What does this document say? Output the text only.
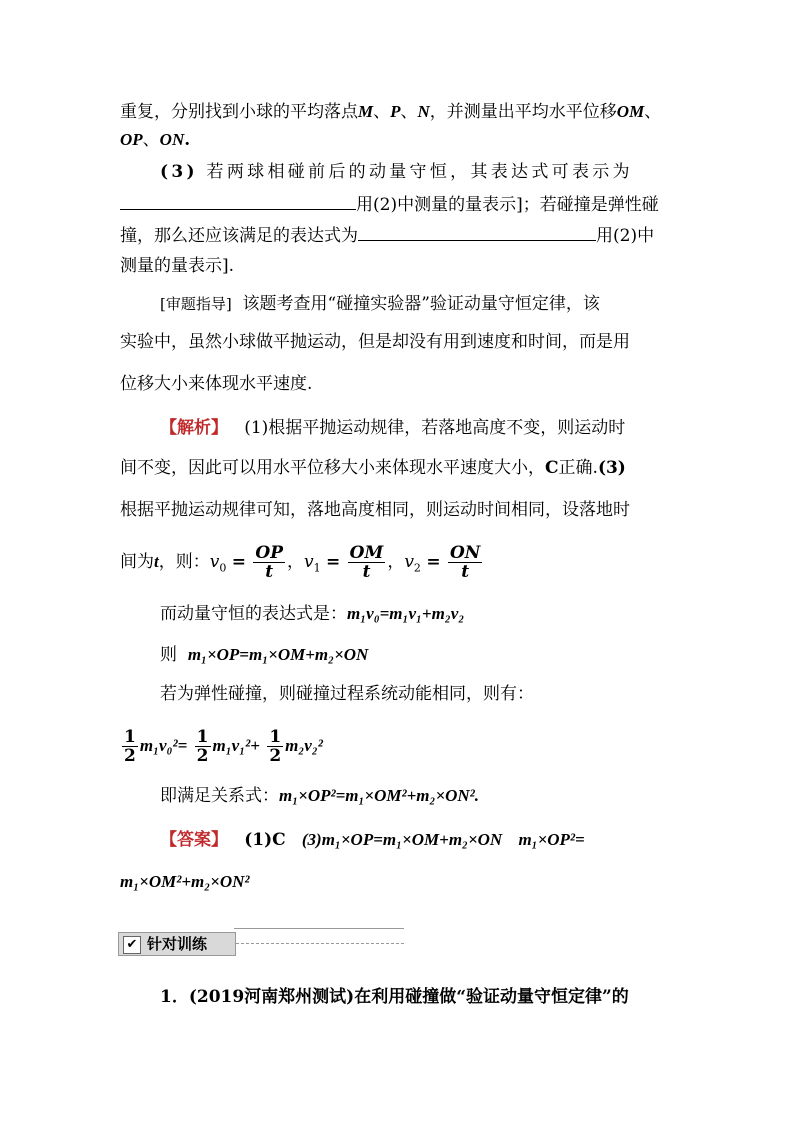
重复，分别找到小球的平均落点M、P、N，并测量出平均水平位移OM、
OP、ON.
(3) 若两球相碰前后的动量守恒，其表达式可表示为
用(2)中测量的量表示]；若碰撞是弹性碰
撞，那么还应该满足的表达式为	用(2)中
测量的量表示].
[审题指导] 该题考查用“碰撞实验器”验证动量守恒定律，该
实验中，虽然小球做平抛运动，但是却没有用到速度和时间，而是用
位移大小来体现水平速度.
【解析】 (1)根据平抛运动规律，若落地高度不变，则运动时
间不变，因此可以用水平位移大小来体现水平速度大小，C正确.(3)
根据平抛运动规律可知，落地高度相同，则运动时间相同，设落地时
间为t，则：$v_0 = \frac{OP}{t}$ ，$v_1 = \frac{OM}{t}$ ，$v_2 = \frac{ON}{t}$
而动量守恒的表达式是：m₁v₀=m₁v₁+m₂v₂
则 m₁×OP=m₁×OM+m₂×ON
若为弹性碰撞，则碰撞过程系统动能相同，则有：
$\frac{1}{2} m_1v_0^2= \frac{1}{2} m_1v_1^2+ \frac{1}{2} m_2v_2^2$
即满足关系式：m₁×OP²=m₁×OM²+m₂×ON².
【答案】 (1)C (3)m₁×OP=m₁×OM+m₂×ON m₁×OP²=
m₁×OM²+m₂×ON²
✔ 针对训练
1．(2019河南郑州测试)在利用碰撞做“验证动量守恒定律”的
